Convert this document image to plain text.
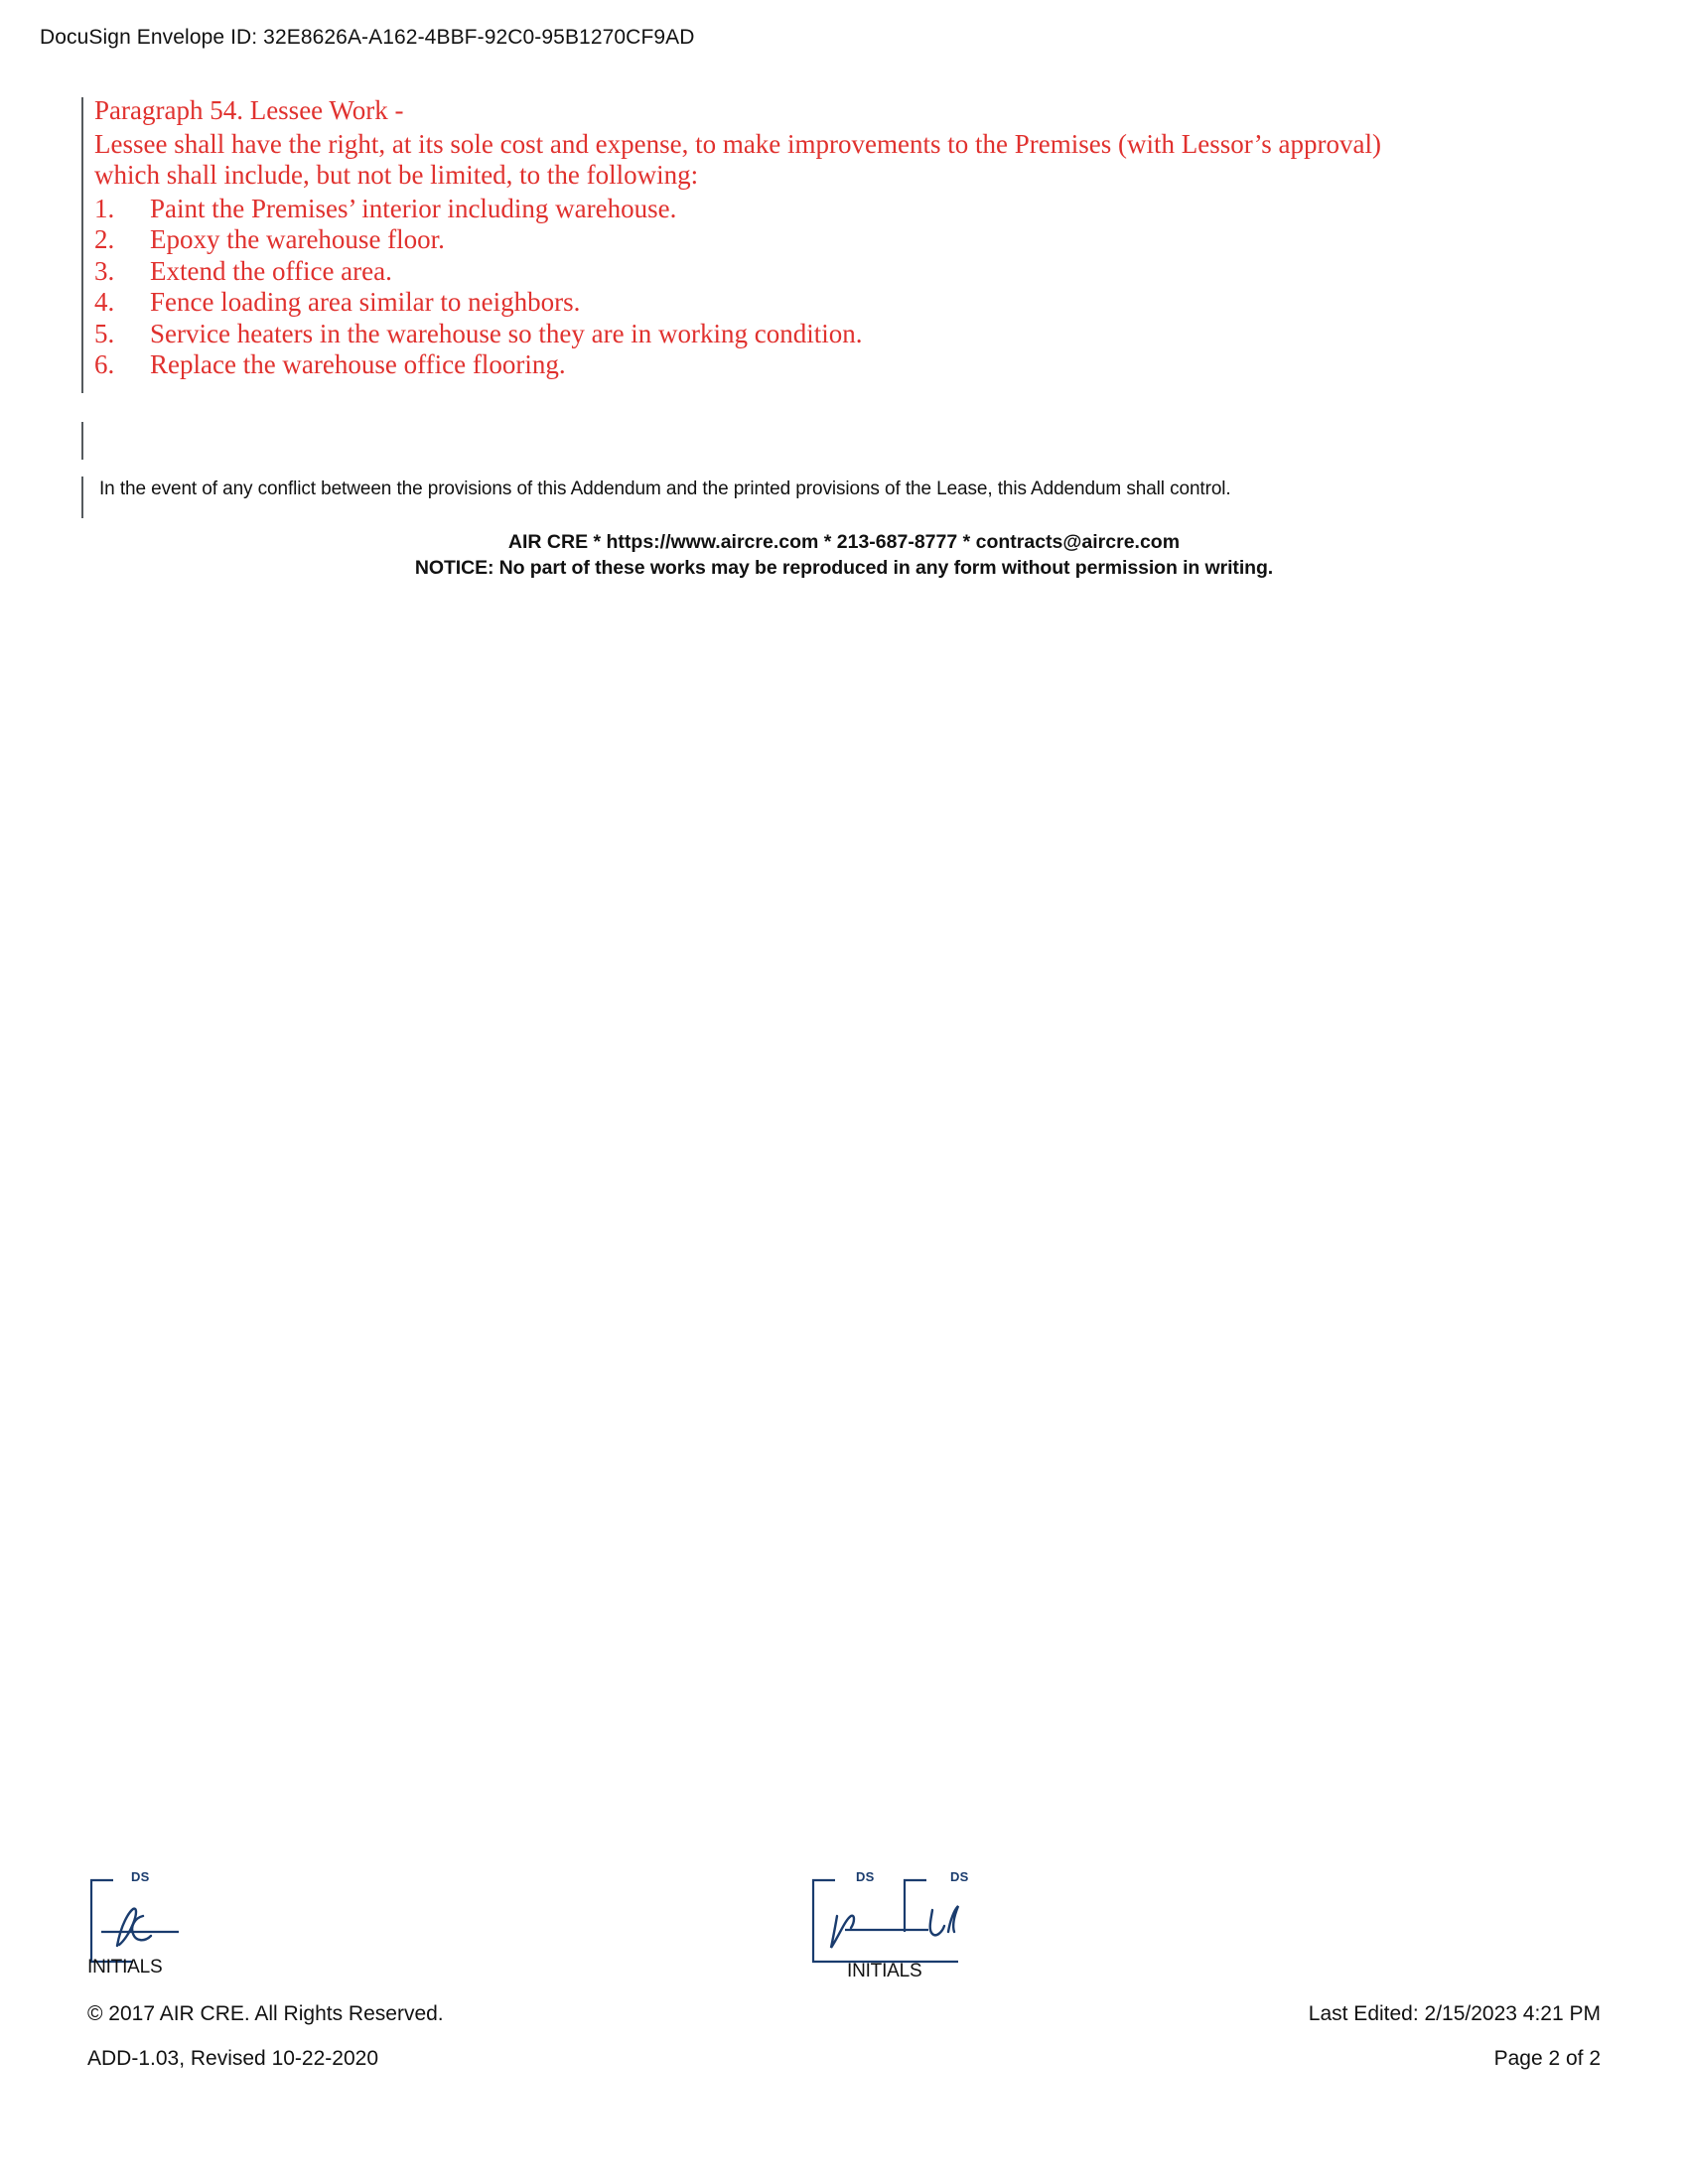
DocuSign Envelope ID: 32E8626A-A162-4BBF-92C0-95B1270CF9AD
Paragraph 54. Lessee Work -
Lessee shall have the right, at its sole cost and expense, to make improvements to the Premises (with Lessor’s approval)
which shall include, but not be limited, to the following:
1.	Paint the Premises’ interior including warehouse.
2.	Epoxy the warehouse floor.
3.	Extend the office area.
4.	Fence loading area similar to neighbors.
5.	Service heaters in the warehouse so they are in working condition.
6.	Replace the warehouse office flooring.
In the event of any conflict between the provisions of this Addendum and the printed provisions of the Lease, this Addendum shall control.
AIR CRE * https://www.aircre.com * 213-687-8777 * contracts@aircre.com
NOTICE: No part of these works may be reproduced in any form without permission in writing.
DS
INITIALS
DS	DS
INITIALS
© 2017 AIR CRE. All Rights Reserved.
ADD-1.03, Revised 10-22-2020
Last Edited: 2/15/2023 4:21 PM
Page 2 of 2
